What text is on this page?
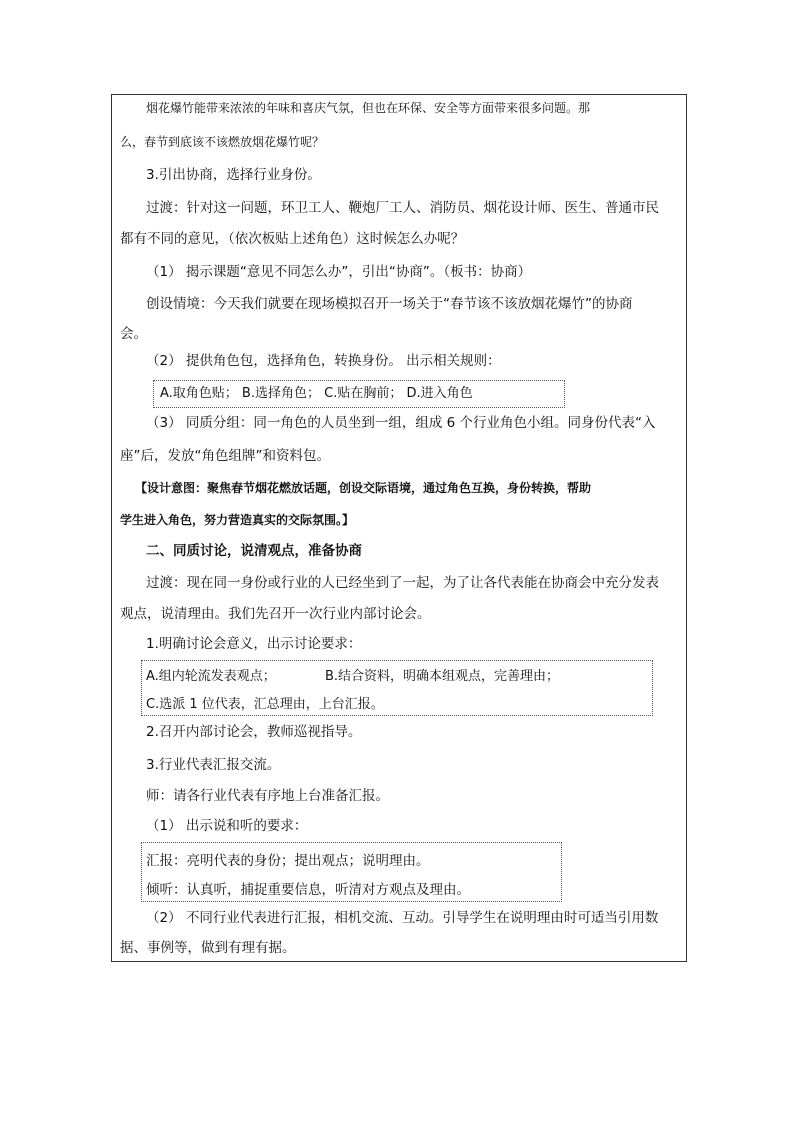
烟花爆竹能带来浓浓的年味和喜庆气氛，但也在环保、安全等方面带来很多问题。那
么，春节到底该不该燃放烟花爆竹呢？
3.引出协商，选择行业身份。
过渡：针对这一问题，环卫工人、鞭炮厂工人、消防员、烟花设计师、医生、普通市民
都有不同的意见，（依次板贴上述角色）这时候怎么办呢？
（1） 揭示课题“意见不同怎么办”，引出“协商”。（板书：协商）
创设情境：今天我们就要在现场模拟召开一场关于“春节该不该放烟花爆竹”的协商
会。
（2） 提供角色包，选择角色，转换身份。 出示相关规则：
A.取角色贴； B.选择角色； C.贴在胸前； D.进入角色
（3） 同质分组：同一角色的人员坐到一组，组成 6 个行业角色小组。同身份代表“入
座”后，发放“角色组牌”和资料包。
【设计意图：聚焦春节烟花燃放话题，创设交际语境，通过角色互换，身份转换，帮助
学生进入角色，努力营造真实的交际氛围。】
二、同质讨论，说清观点，准备协商
过渡：现在同一身份或行业的人已经坐到了一起，为了让各代表能在协商会中充分发表
观点，说清理由。我们先召开一次行业内部讨论会。
1.明确讨论会意义，出示讨论要求：
A.组内轮流发表观点；	B.结合资料，明确本组观点，完善理由；
C.选派 1 位代表，汇总理由，上台汇报。
2.召开内部讨论会，教师巡视指导。
3.行业代表汇报交流。
师：请各行业代表有序地上台准备汇报。
（1） 出示说和听的要求：
汇报：亮明代表的身份；提出观点；说明理由。
倾听：认真听，捕捉重要信息，听清对方观点及理由。
（2） 不同行业代表进行汇报，相机交流、互动。引导学生在说明理由时可适当引用数
据、事例等，做到有理有据。
